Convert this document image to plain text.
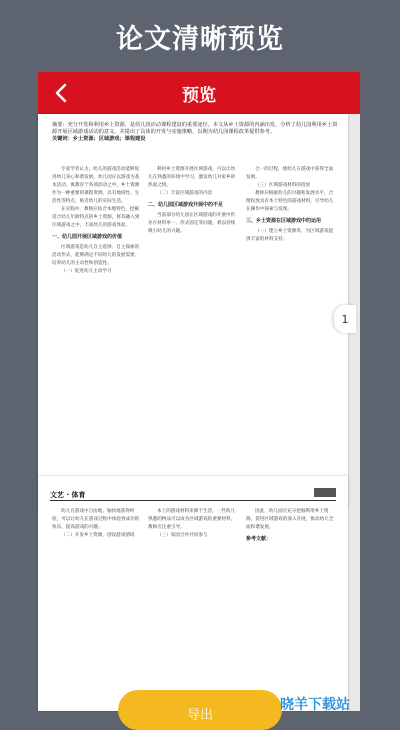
论文清晰预览
预览
摘要：充分开发和利用乡土资源，是幼儿园活动课程建设的重要途径。本文从乡土资源的内涵出发，分析了幼儿园利用乡土资源开展区域游戏活动的意义，并提出了具体的开发与实施策略，以期为幼儿园课程改革提供参考。
关键词：乡土资源；区域游戏；课程建设

专家学者认为，幼儿的游戏活动能够促进幼儿身心和谐发展，幼儿园应以游戏为基本活动，寓教育于各项活动之中。乡土资源作为一种重要的课程资源，具有地域性、生活性等特点，贴近幼儿的实际生活。

在实践中，教师应结合本地特色，挖掘适合幼儿年龄特点的乡土资源，将其融入到区域游戏之中，丰富幼儿的游戏体验。

一、幼儿园开展区域游戏的价值

区域游戏是幼儿自主选择、自主探索的活动形式，能够满足不同幼儿的发展需要，培养幼儿的主动性和创造性。

（一）促进幼儿主动学习

利用乡土资源开展区域游戏，可以让幼儿在熟悉的环境中学习，激发幼儿对家乡的热爱之情。

（二）丰富区域游戏的内容

二、幼儿园区域游戏开展中的不足

当前部分幼儿园在区域游戏的开展中仍存在材料单一、形式固定等问题，难以持续吸引幼儿的兴趣。

合一的过程，使幼儿在游戏中获得全面发展。

（三）区域游戏材料的投放

教师应根据幼儿的兴趣和发展水平，合理投放具有本土特色的游戏材料，引导幼儿在操作中探索与发现。

三、乡土资源在区域游戏中的运用

（一）建立乡土资源库，为区域游戏提供丰富的材料支持。

文艺 · 体育

幼儿在游戏中自由地、愉快地获得经验，可以让幼儿在游戏过程中体验到成功的快乐，提高游戏的兴趣。

（二）开发乡土资源，创设游戏情境

本土的游戏材料来源于生活，一些幼儿熟悉的物品可以成为区域游戏的重要材料，教师应注重引导。

（三）家园合作共同参与

因此，幼儿园应充分挖掘利用乡土资源，促进区域游戏的深入开展，推动幼儿全面和谐发展。

参考文献：
1
导出
晓羊下载站
